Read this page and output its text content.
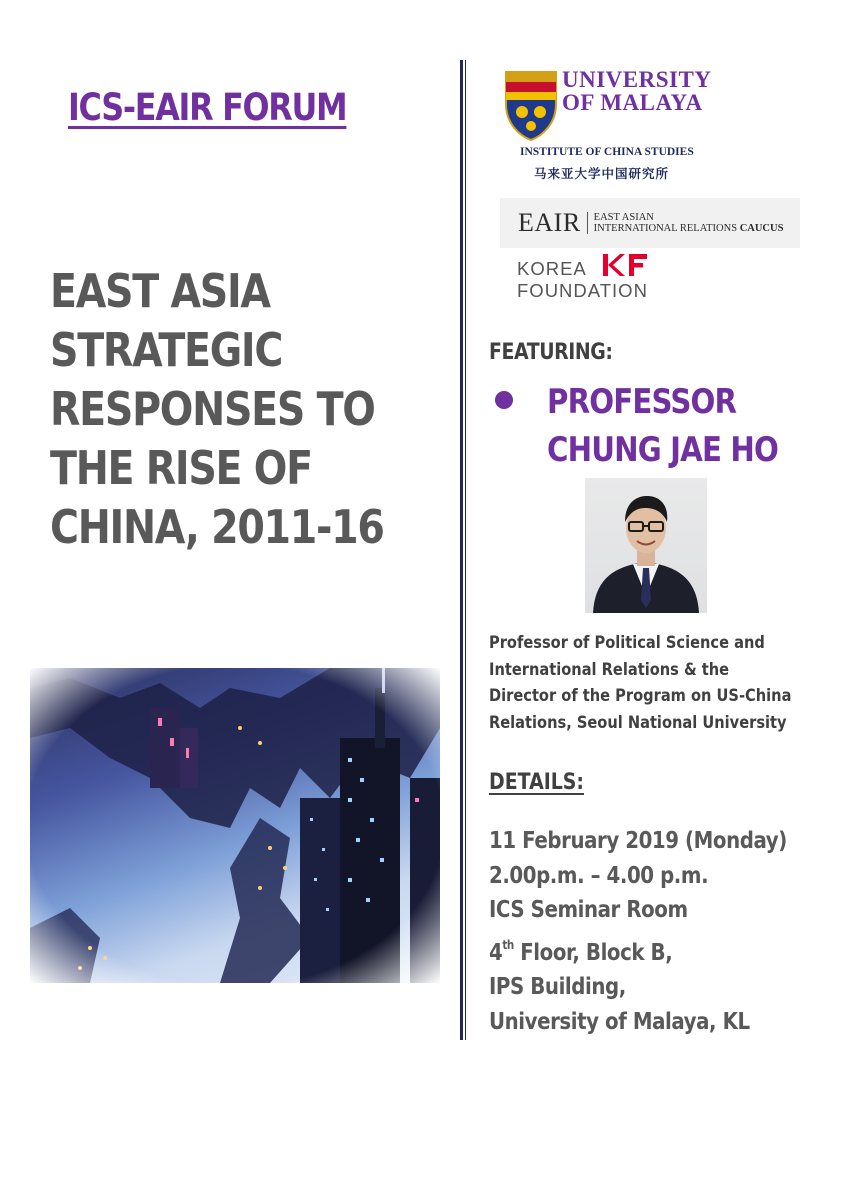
ICS-EAIR FORUM
EAST ASIA
STRATEGIC
RESPONSES TO
THE RISE OF
CHINA, 2011-16
UNIVERSITY
OF MALAYA
INSTITUTE OF CHINA STUDIES
马来亚大学中国研究所
EAIR EAST ASIAN
INTERNATIONAL RELATIONS CAUCUS
KOREA
FOUNDATION
FEATURING:
PROFESSOR
CHUNG JAE HO
Professor of Political Science and
International Relations & the
Director of the Program on US-China
Relations, Seoul National University
DETAILS:
11 February 2019 (Monday)
2.00p.m. – 4.00 p.m.
ICS Seminar Room
4th Floor, Block B,
IPS Building,
University of Malaya, KL
